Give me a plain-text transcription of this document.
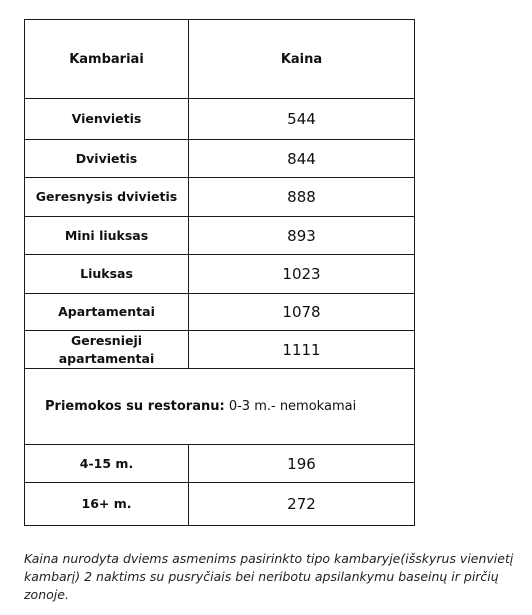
Kambariai	Kaina
Vienvietis	544
Dvivietis	844
Geresnysis dvivietis	888
Mini liuksas	893
Liuksas	1023
Apartamentai	1078
Geresnieji apartamentai	1111
Priemokos su restoranu: 0-3 m.- nemokamai	
4-15 m.	196
16+ m.	272
Kaina nurodyta dviems asmenims pasirinkto tipo kambaryje(išskyrus vienvietį kambarį) 2 naktims su pusryčiais bei neribotu apsilankymu baseinų ir pirčių zonoje.
